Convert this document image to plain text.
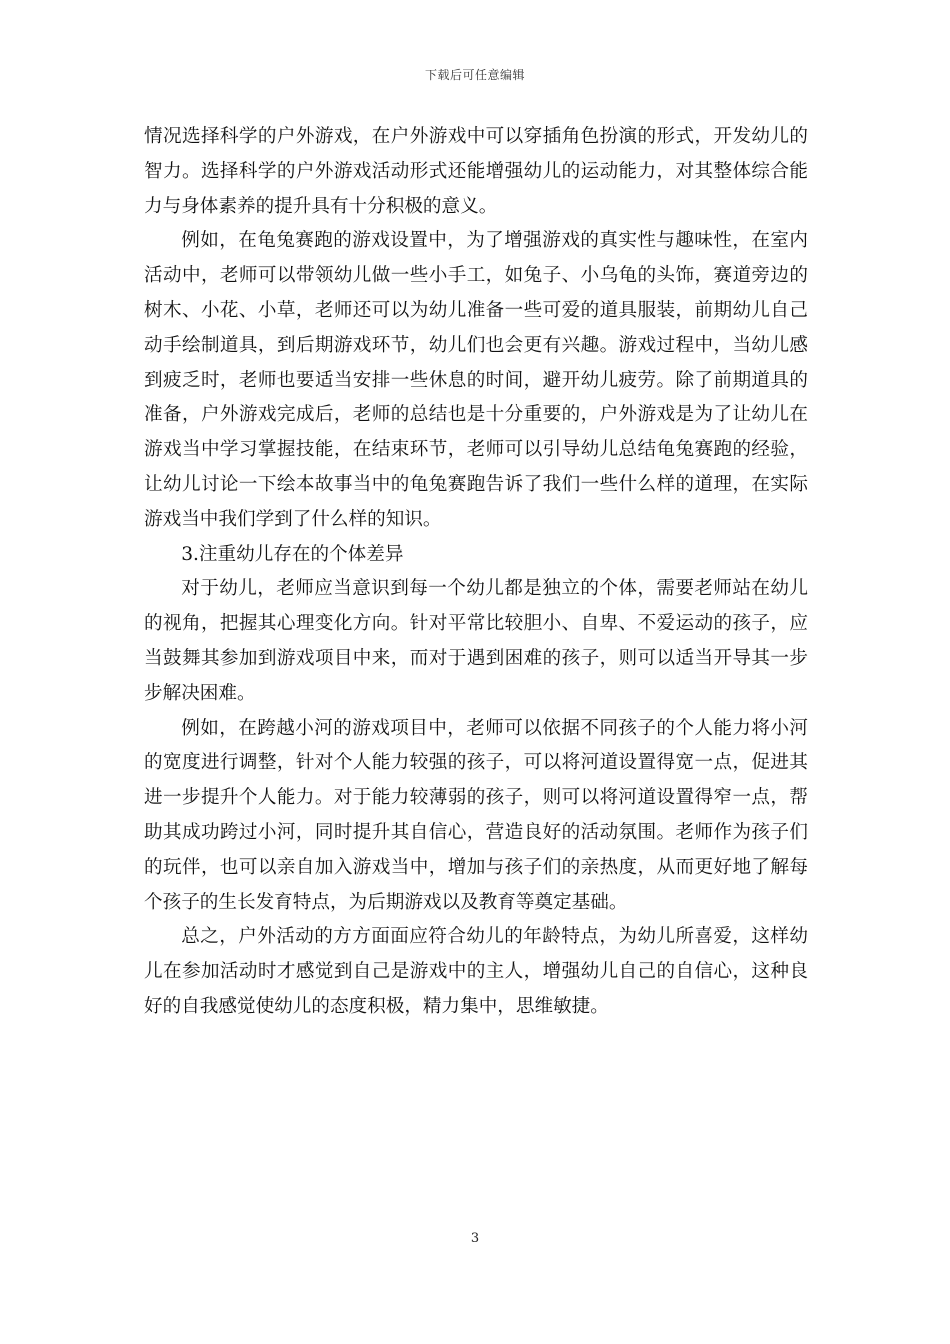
下载后可任意编辑

情况选择科学的户外游戏，在户外游戏中可以穿插角色扮演的形式，开发幼儿的智力。选择科学的户外游戏活动形式还能增强幼儿的运动能力，对其整体综合能力与身体素养的提升具有十分积极的意义。

例如，在龟兔赛跑的游戏设置中，为了增强游戏的真实性与趣味性，在室内活动中，老师可以带领幼儿做一些小手工，如兔子、小乌龟的头饰，赛道旁边的树木、小花、小草，老师还可以为幼儿准备一些可爱的道具服装，前期幼儿自己动手绘制道具，到后期游戏环节，幼儿们也会更有兴趣。游戏过程中，当幼儿感到疲乏时，老师也要适当安排一些休息的时间，避开幼儿疲劳。除了前期道具的准备，户外游戏完成后，老师的总结也是十分重要的，户外游戏是为了让幼儿在游戏当中学习掌握技能，在结束环节，老师可以引导幼儿总结龟兔赛跑的经验，让幼儿讨论一下绘本故事当中的龟兔赛跑告诉了我们一些什么样的道理，在实际游戏当中我们学到了什么样的知识。

3.注重幼儿存在的个体差异

对于幼儿，老师应当意识到每一个幼儿都是独立的个体，需要老师站在幼儿的视角，把握其心理变化方向。针对平常比较胆小、自卑、不爱运动的孩子，应当鼓舞其参加到游戏项目中来，而对于遇到困难的孩子，则可以适当开导其一步步解决困难。

例如，在跨越小河的游戏项目中，老师可以依据不同孩子的个人能力将小河的宽度进行调整，针对个人能力较强的孩子，可以将河道设置得宽一点，促进其进一步提升个人能力。对于能力较薄弱的孩子，则可以将河道设置得窄一点，帮助其成功跨过小河，同时提升其自信心，营造良好的活动氛围。老师作为孩子们的玩伴，也可以亲自加入游戏当中，增加与孩子们的亲热度，从而更好地了解每个孩子的生长发育特点，为后期游戏以及教育等奠定基础。

总之，户外活动的方方面面应符合幼儿的年龄特点，为幼儿所喜爱，这样幼儿在参加活动时才感觉到自己是游戏中的主人，增强幼儿自己的自信心，这种良好的自我感觉使幼儿的态度积极，精力集中，思维敏捷。

3
